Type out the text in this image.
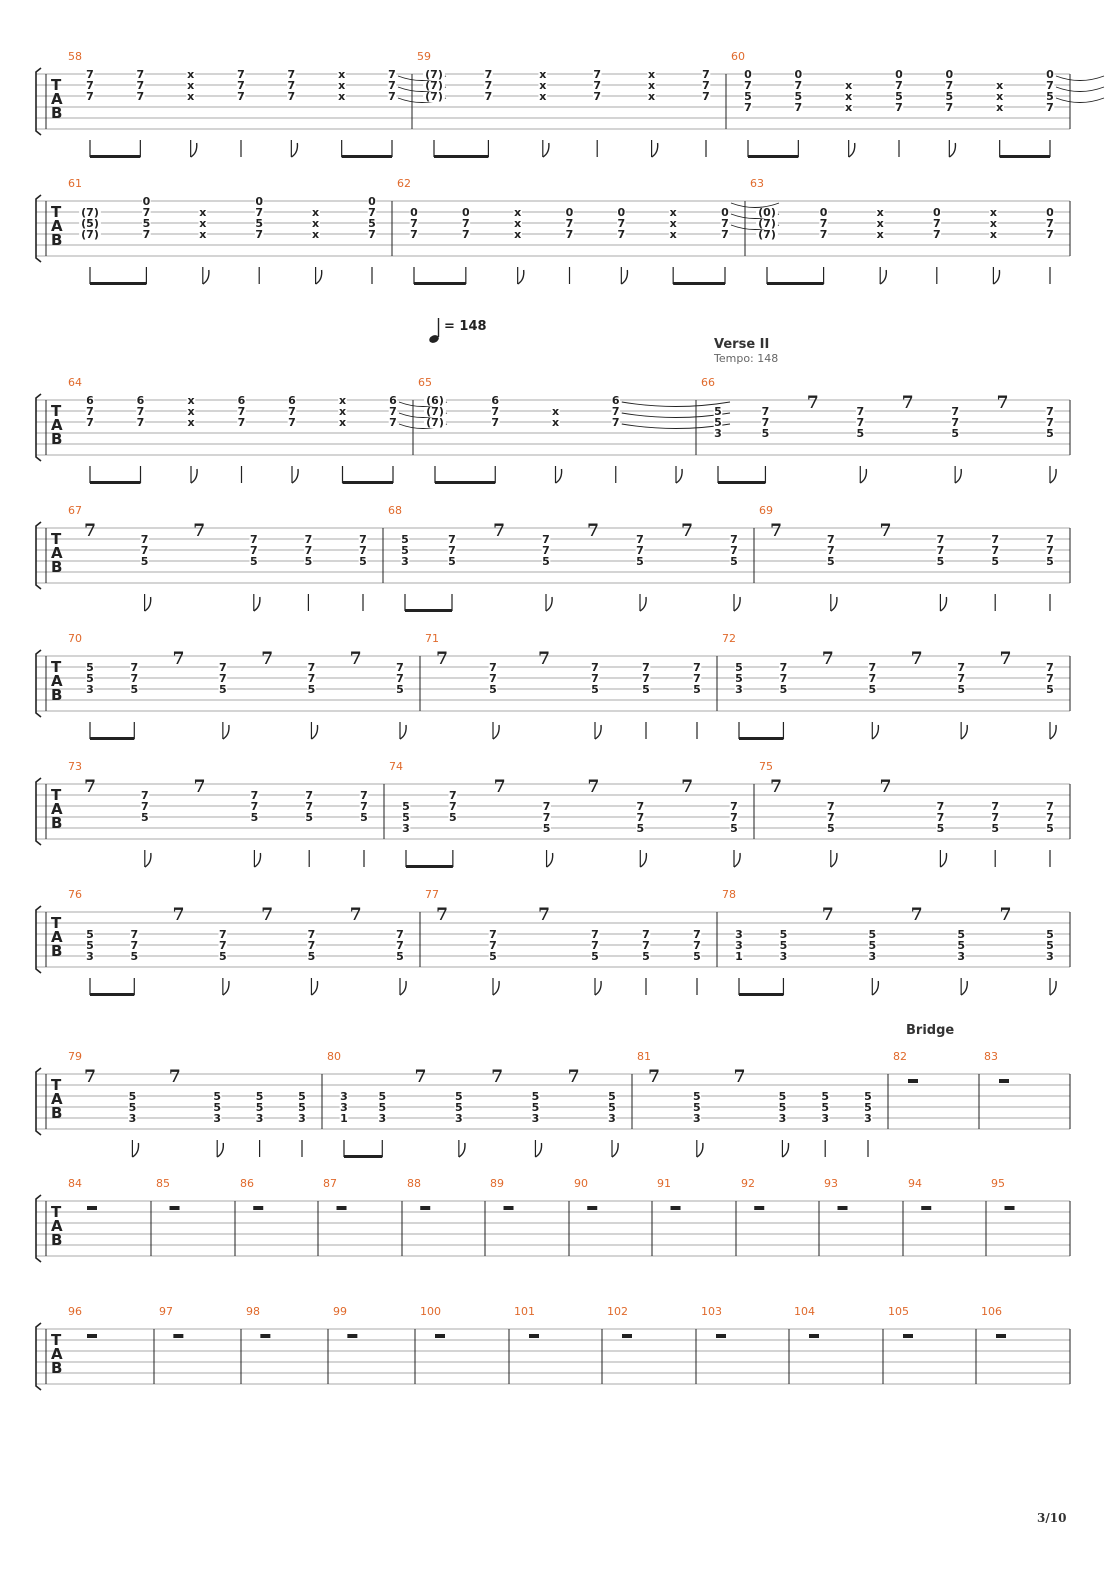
= 148
Verse II
Tempo: 148
Bridge
3/10
T
A
B
58
7
7
7
7
7
7
x
x
x
7
7
7
7
7
7
x
x
x
7
7
7
59
(7)
(7)
(7)
7
7
7
x
x
x
7
7
7
x
x
x
7
7
7
60
0
7
5
7
0
7
5
7
x
x
x
0
7
5
7
0
7
5
7
x
x
x
0
7
5
7
T
A
B
61
(7)
(5)
(7)
0
7
5
7
x
x
x
0
7
5
7
x
x
x
0
7
5
7
62
0
7
7
0
7
7
x
x
x
0
7
7
0
7
7
x
x
x
0
7
7
63
(0)
(7)
(7)
0
7
7
x
x
x
0
7
7
x
x
x
0
7
7
T
A
B
64
6
7
7
6
7
7
x
x
x
6
7
7
6
7
7
x
x
x
6
7
7
65
(6)
(7)
(7)
6
7
7
x
x
6
7
7
66
5
5
3
7
7
5
7	7
7
5
7	7
7
5
7	7
7
5
T
A
B
67
7	7
7
5
7	7
7
5
7
7
5
7
7
5
68
5
5
3
7
7
5
7	7
7
5
7	7
7
5
7	7
7
5
69
7	7
7
5
7	7
7
5
7
7
5
7
7
5
T
A
B
70
5
5
3
7
7
5
7	7
7
5
7	7
7
5
7	7
7
5
71
7	7
7
5
7	7
7
5
7
7
5
7
7
5
72
5
5
3
7
7
5
7	7
7
5
7	7
7
5
7	7
7
5
T
A
B
73
7	7
7
5
7	7
7
5
7
7
5
7
7
5
74
5
5
3
7
7
5
7
7
7
5
7
7
7
5
7
7
7
5
75
7
7
7
5
7
7
7
5
7
7
5
7
7
5
T
A
B
76
5
5
3
7
7
5
7
7
7
5
7
7
7
5
7
7
7
5
77
7
7
7
5
7
7
7
5
7
7
5
7
7
5
78
3
3
1
5
5
3
7
5
5
3
7
5
5
3
7
5
5
3
T
A
B
79
7
5
5
3
7
5
5
3
5
5
3
5
5
3
80
3
3
1
5
5
3
7
5
5
3
7
5
5
3
7
5
5
3
81
7
5
5
3
7
5
5
3
5
5
3
5
5
3
82	83
T
A
B
84	85	86	87	88	89	90	91	92	93	94	95
T
A
B
96	97	98	99	100	101	102	103	104	105	106
